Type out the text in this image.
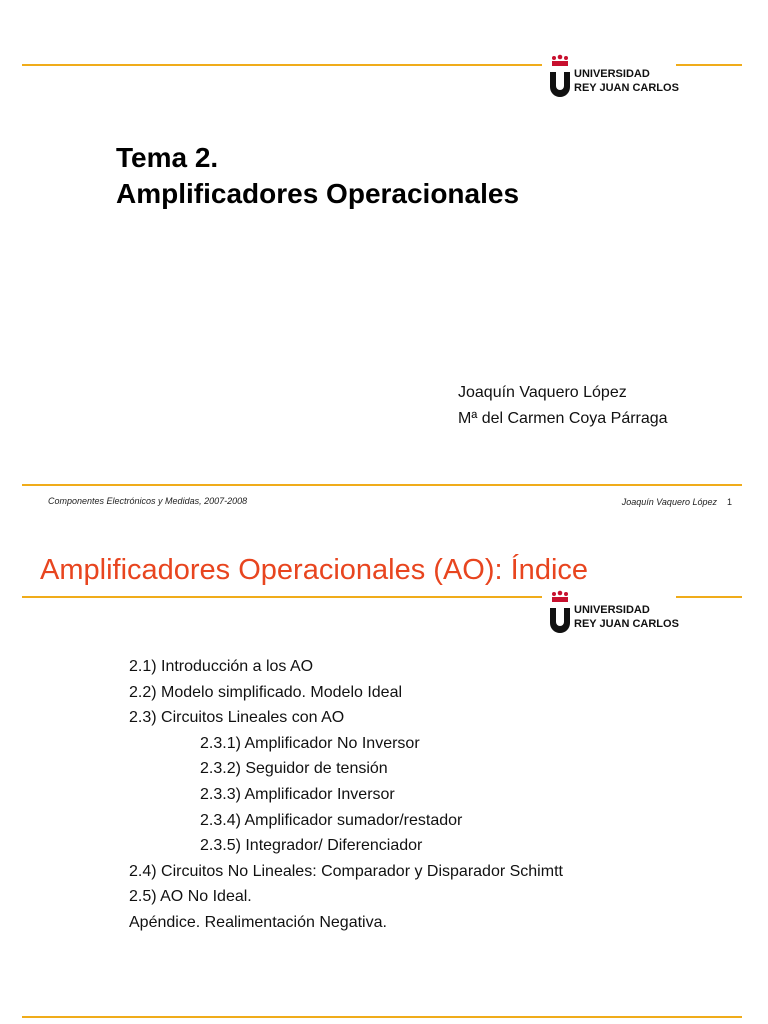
UNIVERSIDAD
REY JUAN CARLOS
Tema 2.
Amplificadores Operacionales
Joaquín Vaquero López
Mª del Carmen Coya Párraga
Componentes Electrónicos y Medidas, 2007-2008	Joaquín Vaquero López 1
Amplificadores Operacionales (AO): Índice
UNIVERSIDAD
REY JUAN CARLOS
2.1) Introducción a los AO
2.2) Modelo simplificado. Modelo Ideal
2.3) Circuitos Lineales con AO
2.3.1) Amplificador No Inversor
2.3.2) Seguidor de tensión
2.3.3) Amplificador Inversor
2.3.4) Amplificador sumador/restador
2.3.5) Integrador/ Diferenciador
2.4) Circuitos No Lineales: Comparador y Disparador Schimtt
2.5) AO No Ideal.
Apéndice. Realimentación Negativa.
